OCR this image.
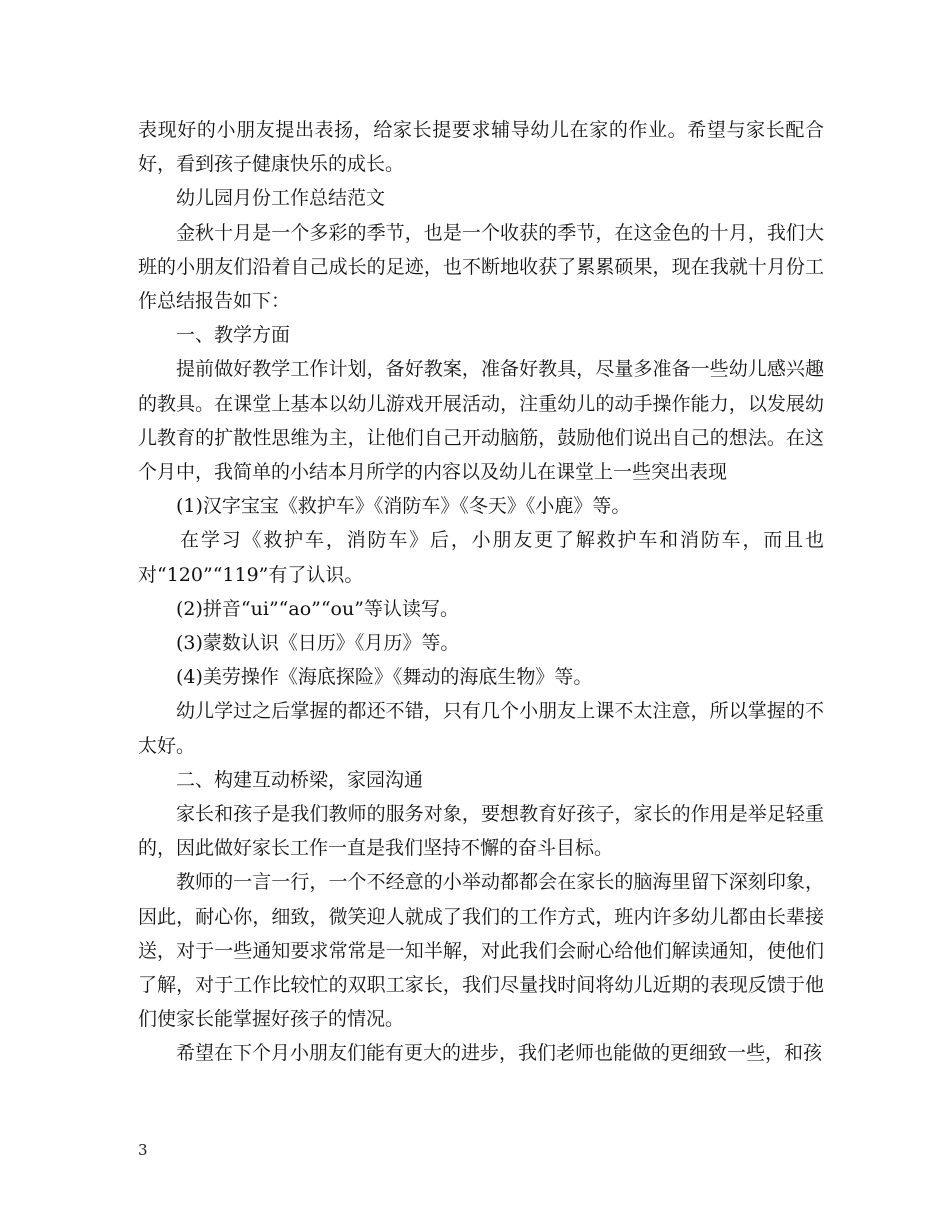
表现好的小朋友提出表扬，给家长提要求辅导幼儿在家的作业。希望与家长配合好，看到孩子健康快乐的成长。

幼儿园月份工作总结范文

金秋十月是一个多彩的季节，也是一个收获的季节，在这金色的十月，我们大班的小朋友们沿着自己成长的足迹，也不断地收获了累累硕果，现在我就十月份工作总结报告如下：

一、教学方面

提前做好教学工作计划，备好教案，准备好教具，尽量多准备一些幼儿感兴趣的教具。在课堂上基本以幼儿游戏开展活动，注重幼儿的动手操作能力，以发展幼儿教育的扩散性思维为主，让他们自己开动脑筋，鼓励他们说出自己的想法。在这个月中，我简单的小结本月所学的内容以及幼儿在课堂上一些突出表现

(1)汉字宝宝《救护车》《消防车》《冬天》《小鹿》等。

在学习《救护车，消防车》后，小朋友更了解救护车和消防车，而且也对“120”“119”有了认识。

(2)拼音“ui”“ao”“ou”等认读写。

(3)蒙数认识《日历》《月历》等。

(4)美劳操作《海底探险》《舞动的海底生物》等。

幼儿学过之后掌握的都还不错，只有几个小朋友上课不太注意，所以掌握的不太好。

二、构建互动桥梁，家园沟通

家长和孩子是我们教师的服务对象，要想教育好孩子，家长的作用是举足轻重的，因此做好家长工作一直是我们坚持不懈的奋斗目标。

教师的一言一行，一个不经意的小举动都都会在家长的脑海里留下深刻印象，因此，耐心你，细致，微笑迎人就成了我们的工作方式，班内许多幼儿都由长辈接送，对于一些通知要求常常是一知半解，对此我们会耐心给他们解读通知，使他们了解，对于工作比较忙的双职工家长，我们尽量找时间将幼儿近期的表现反馈于他们使家长能掌握好孩子的情况。

希望在下个月小朋友们能有更大的进步，我们老师也能做的更细致一些，和孩

3
